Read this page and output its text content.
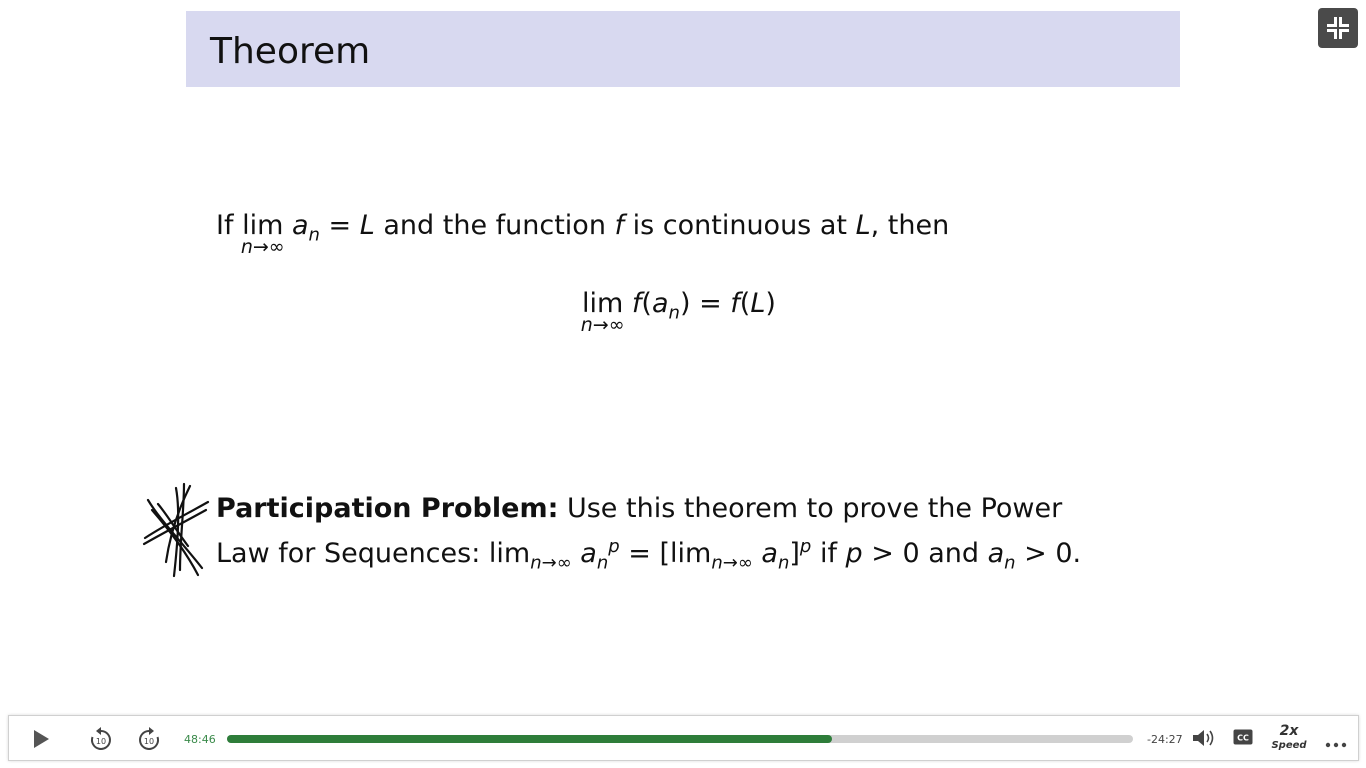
Theorem
If lim
n→∞
$a_n = L$ and the function f is continuous at L, then
lim
n→∞
$f(a_n) = f(L)$
Participation Problem: Use this theorem to prove the Power Law for Sequences: $\lim_{n\to\infty} a_n^p = [\lim_{n\to\infty}$ $a_n]^p$ if p > 0 and $a_n > 0$.
10	10	48:46	-24:27	CC	2x
Speed
